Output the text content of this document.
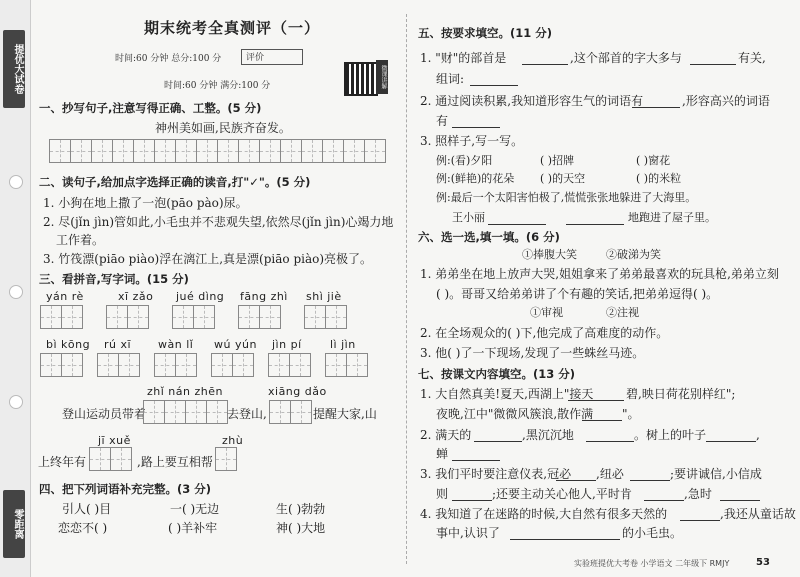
提优大试卷
零距离
期末统考全真测评（一）
时间:60 分钟 总分:100 分	评价
时间:60 分钟 满分:100 分	微课讲解
一、抄写句子,注意写得正确、工整。(5 分)
神州美如画,民族齐奋发。
二、读句子,给加点字选择正确的读音,打"✓"。(5 分)
1. 小狗在地上撒了一泡(pāo pào)尿。
2. 尽(jǐn jìn)管如此,小毛虫并不悲观失望,依然尽(jǐn jìn)心竭力地
工作着。
3. 竹筏漂(piāo piào)浮在漓江上,真是漂(piāo piào)亮极了。
三、看拼音,写字词。(15 分)
yán rè	xī zǎo jué dìng fāng zhì shì jiè
bì kōng rú xī wàn lǐ wú yún jìn pí	lì jìn
zhǐ nán zhēn	xiāng dǎo
登山运动员带着	去登山,	提醒大家,山
jī xuě	zhù
上终年有	,路上要互相帮
四、把下列词语补充完整。(3 分)
引人( )目	一( )无边	生( )勃勃
恋恋不( )	( )羊补牢	神( )大地
五、按要求填空。(11 分)
1. "财"的部首是	,这个部首的字大多与	有关,
组词:
2. 通过阅读积累,我知道形容生气的词语有	,形容高兴的词语
有
3. 照样子,写一写。
例:(看)夕阳	( )招牌	( )窗花
例:(鲜艳)的花朵 ( )的天空	( )的米粒
例:最后一个太阳害怕极了,慌慌张张地躲进了大海里。
王小丽	地跑进了屋子里。
六、选一选,填一填。(6 分)
①捧腹大笑	②破涕为笑
1. 弟弟坐在地上放声大哭,姐姐拿来了弟弟最喜欢的玩具枪,弟弟立刻
( )。哥哥又给弟弟讲了个有趣的笑话,把弟弟逗得( )。
①审视	②注视
2. 在全场观众的( )下,他完成了高难度的动作。
3. 他( )了一下现场,发现了一些蛛丝马迹。
七、按课文内容填空。(13 分)
1. 大自然真美!夏天,西湖上"接天	碧,映日荷花别样红";
夜晚,江中"微微风簇浪,散作满 "。
2. 满天的	,黑沉沉地	。树上的叶子	,
蝉
3. 我们平时要注意仪表,冠必 ,纽必	;要讲诚信,小信成
则	;还要主动关心他人,平时肯	,急时
4. 我知道了在迷路的时候,大自然有很多天然的	,我还从童话故
事中,认识了	的小毛虫。
实验班提优大考卷 小学语文 二年级下 RMJY	53
